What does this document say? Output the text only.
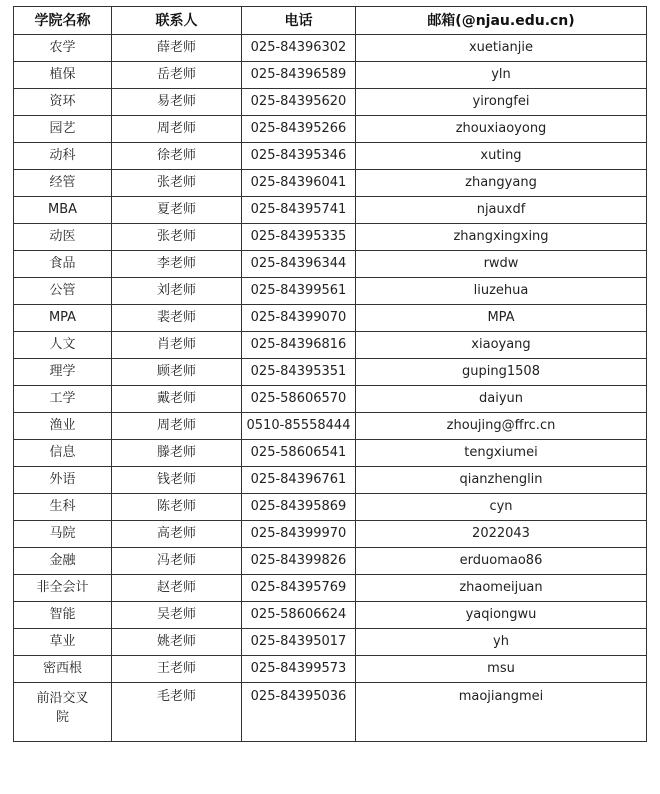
学院名称	联系人	电话	邮箱(@njau.edu.cn)
农学	薛老师	025-84396302	xuetianjie
植保	岳老师	025-84396589	yln
资环	易老师	025-84395620	yirongfei
园艺	周老师	025-84395266	zhouxiaoyong
动科	徐老师	025-84395346	xuting
经管	张老师	025-84396041	zhangyang
MBA	夏老师	025-84395741	njauxdf
动医	张老师	025-84395335	zhangxingxing
食品	李老师	025-84396344	rwdw
公管	刘老师	025-84399561	liuzehua
MPA	裴老师	025-84399070	MPA
人文	肖老师	025-84396816	xiaoyang
理学	顾老师	025-84395351	guping1508
工学	戴老师	025-58606570	daiyun
渔业	周老师	0510-85558444	zhoujing@ffrc.cn
信息	滕老师	025-58606541	tengxiumei
外语	钱老师	025-84396761	qianzhenglin
生科	陈老师	025-84395869	cyn
马院	高老师	025-84399970	2022043
金融	冯老师	025-84399826	erduomao86
非全会计	赵老师	025-84395769	zhaomeijuan
智能	吴老师	025-58606624	yaqiongwu
草业	姚老师	025-84395017	yh
密西根	王老师	025-84399573	msu
前沿交叉院	毛老师	025-84395036	maojiangmei
